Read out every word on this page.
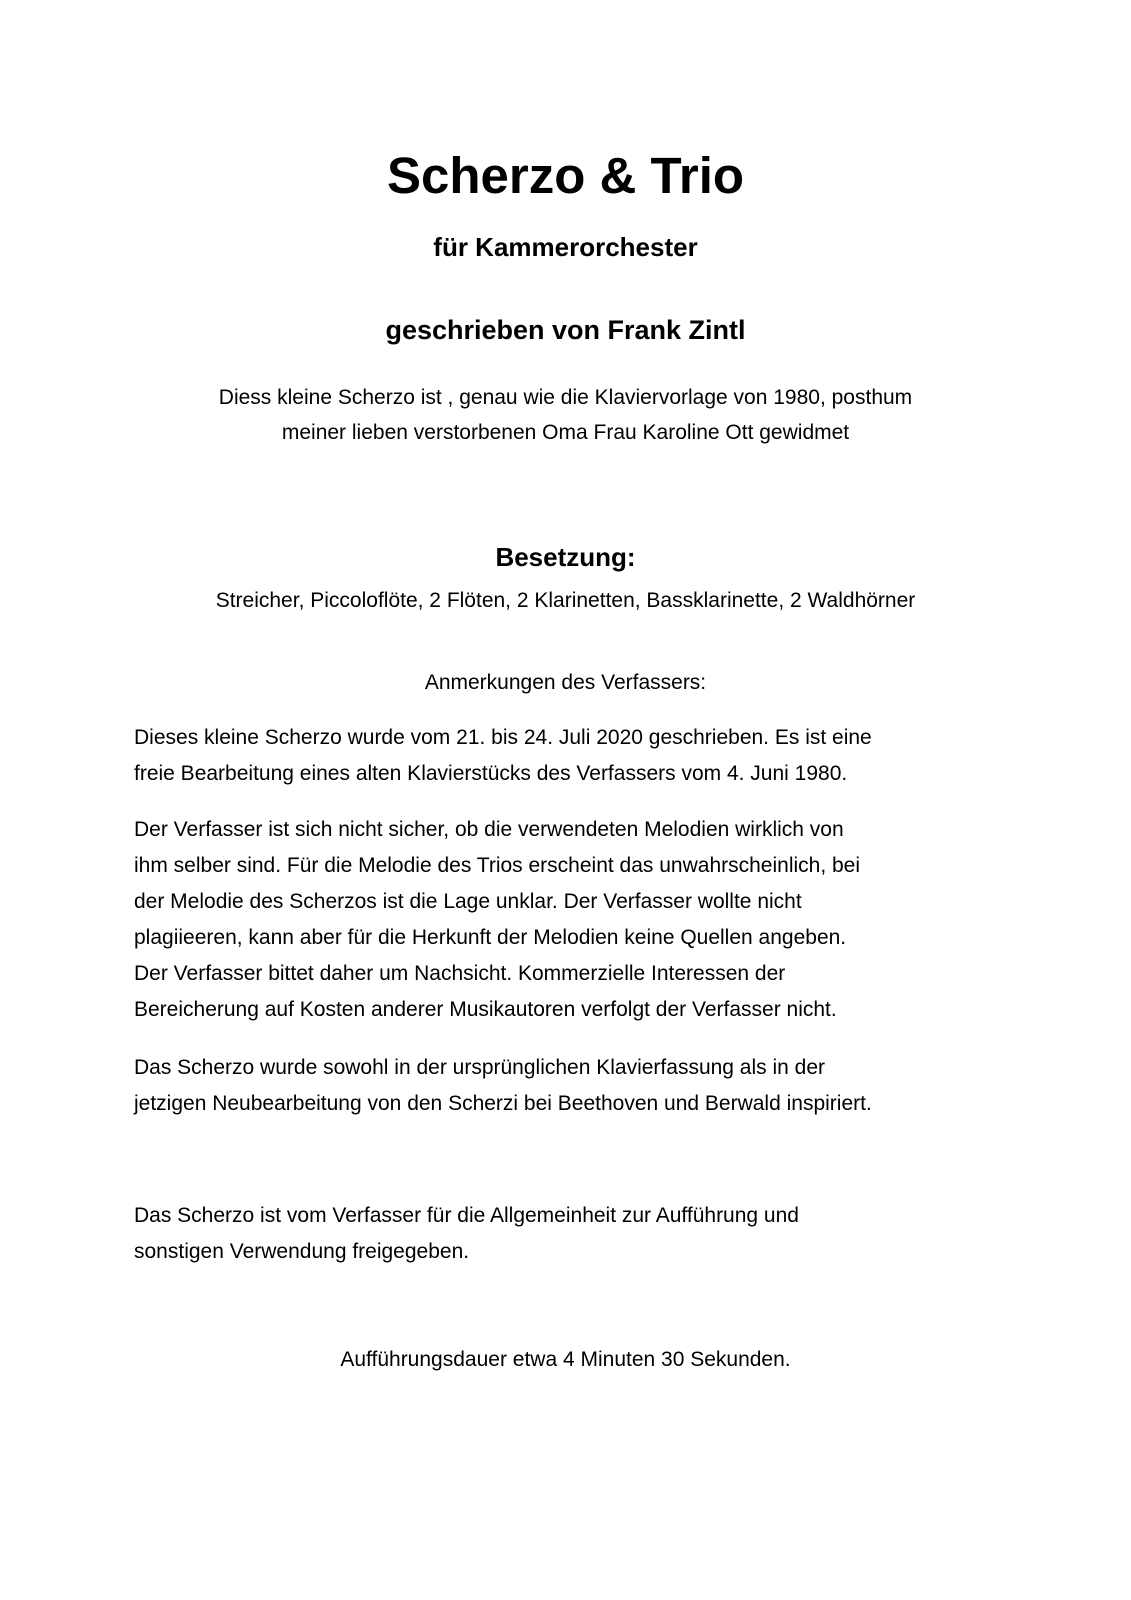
Scherzo & Trio
für Kammerorchester
geschrieben von Frank Zintl
Diess kleine Scherzo ist , genau wie die Klaviervorlage von 1980, posthum
meiner lieben verstorbenen Oma Frau Karoline Ott gewidmet
Besetzung:
Streicher, Piccoloflöte, 2 Flöten, 2 Klarinetten, Bassklarinette, 2 Waldhörner
Anmerkungen des Verfassers:
Dieses kleine Scherzo wurde vom 21. bis 24. Juli 2020 geschrieben. Es ist eine
freie Bearbeitung eines alten Klavierstücks des Verfassers vom 4. Juni 1980.
Der Verfasser ist sich nicht sicher, ob die verwendeten Melodien wirklich von
ihm selber sind. Für die Melodie des Trios erscheint das unwahrscheinlich, bei
der Melodie des Scherzos ist die Lage unklar. Der Verfasser wollte nicht
plagiieeren, kann aber für die Herkunft der Melodien keine Quellen angeben.
Der Verfasser bittet daher um Nachsicht. Kommerzielle Interessen der
Bereicherung auf Kosten anderer Musikautoren verfolgt der Verfasser nicht.
Das Scherzo wurde sowohl in der ursprünglichen Klavierfassung als in der
jetzigen Neubearbeitung von den Scherzi bei Beethoven und Berwald inspiriert.
Das Scherzo ist vom Verfasser für die Allgemeinheit zur Aufführung und
sonstigen Verwendung freigegeben.
Aufführungsdauer etwa 4 Minuten 30 Sekunden.
